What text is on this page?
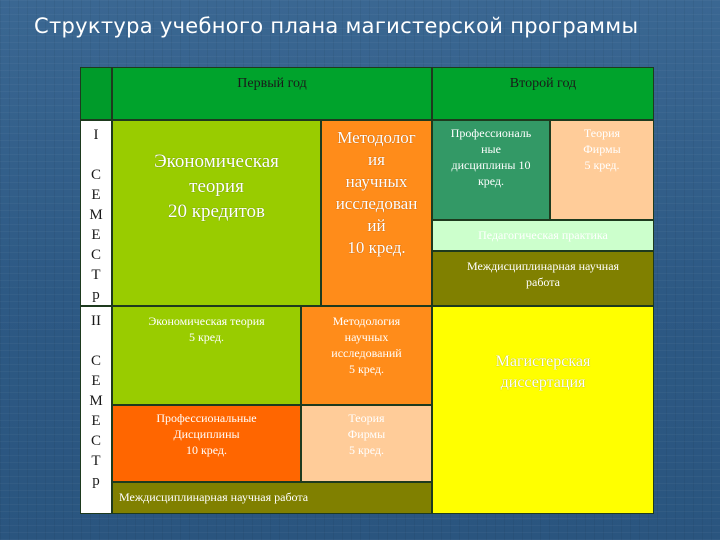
Структура учебного плана магистерской программы
Первый год	Второй год
I

С
Е
М
Е
С
Т
р
II

С
Е
М
Е
С
Т
р
Экономическая
теория
20 кредитов
Методолог
ия
научных
исследован
ий
10 кред.
Экономическая теория
5 кред.
Методология
научных
исследований
5 кред.
Профессиональные
Дисциплины
10 кред.
Теория
Фирмы
5 кред.
Междисциплинарная научная работа
Профессиональ
ные
дисциплины 10
кред.
Теория
Фирмы
5 кред.
Педагогическая практика
Междисциплинарная научная
работа
Магистерская
диссертация
